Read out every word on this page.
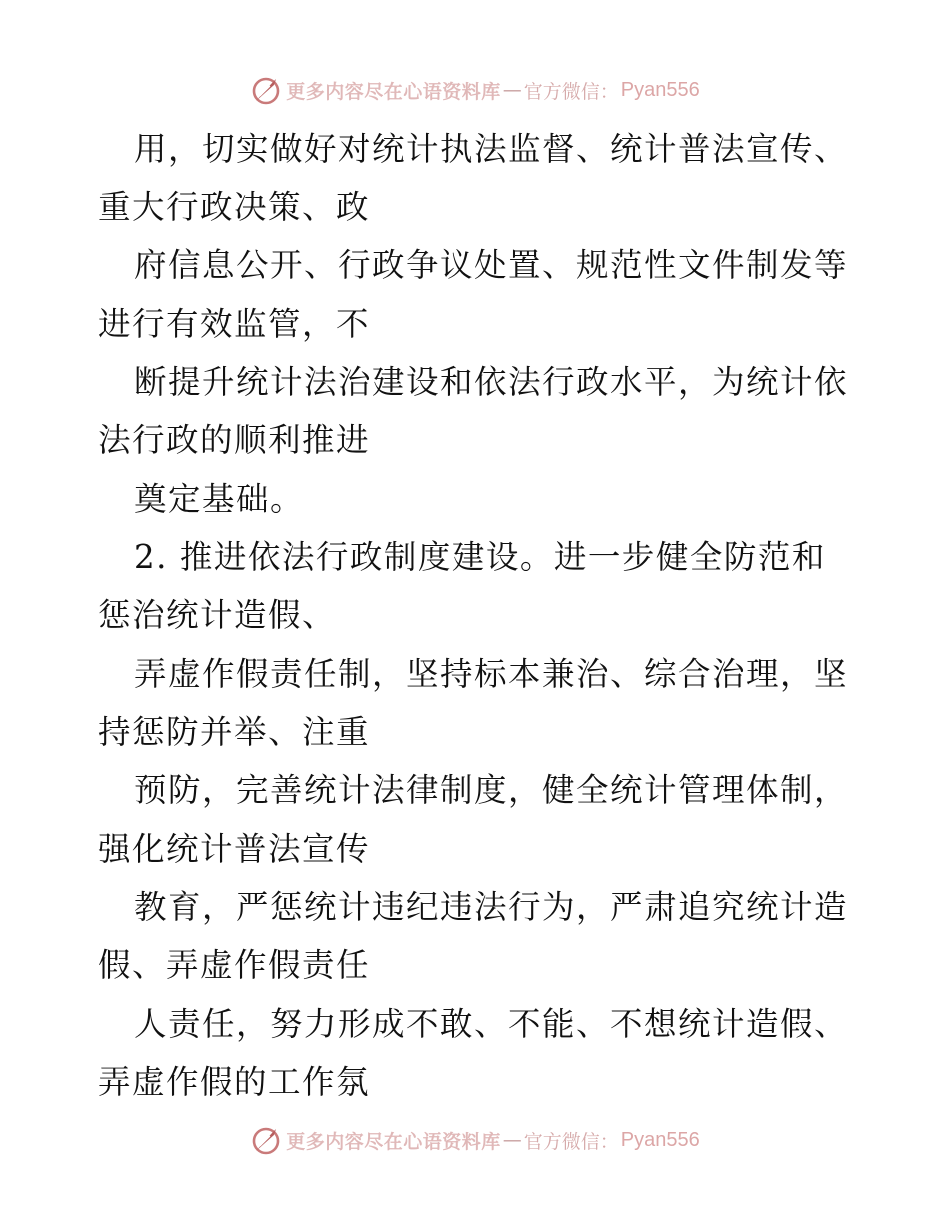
更多内容尽在心语资料库 — 官方微信： Pyan556
用，切实做好对统计执法监督、统计普法宣传、
重大行政决策、政
府信息公开、行政争议处置、规范性文件制发等
进行有效监管，不
断提升统计法治建设和依法行政水平，为统计依
法行政的顺利推进
奠定基础。
2. 推进依法行政制度建设。进一步健全防范和
惩治统计造假、
弄虚作假责任制，坚持标本兼治、综合治理，坚
持惩防并举、注重
预防，完善统计法律制度，健全统计管理体制，
强化统计普法宣传
教育，严惩统计违纪违法行为，严肃追究统计造
假、弄虚作假责任
人责任，努力形成不敢、不能、不想统计造假、
弄虚作假的工作氛
更多内容尽在心语资料库 — 官方微信： Pyan556
